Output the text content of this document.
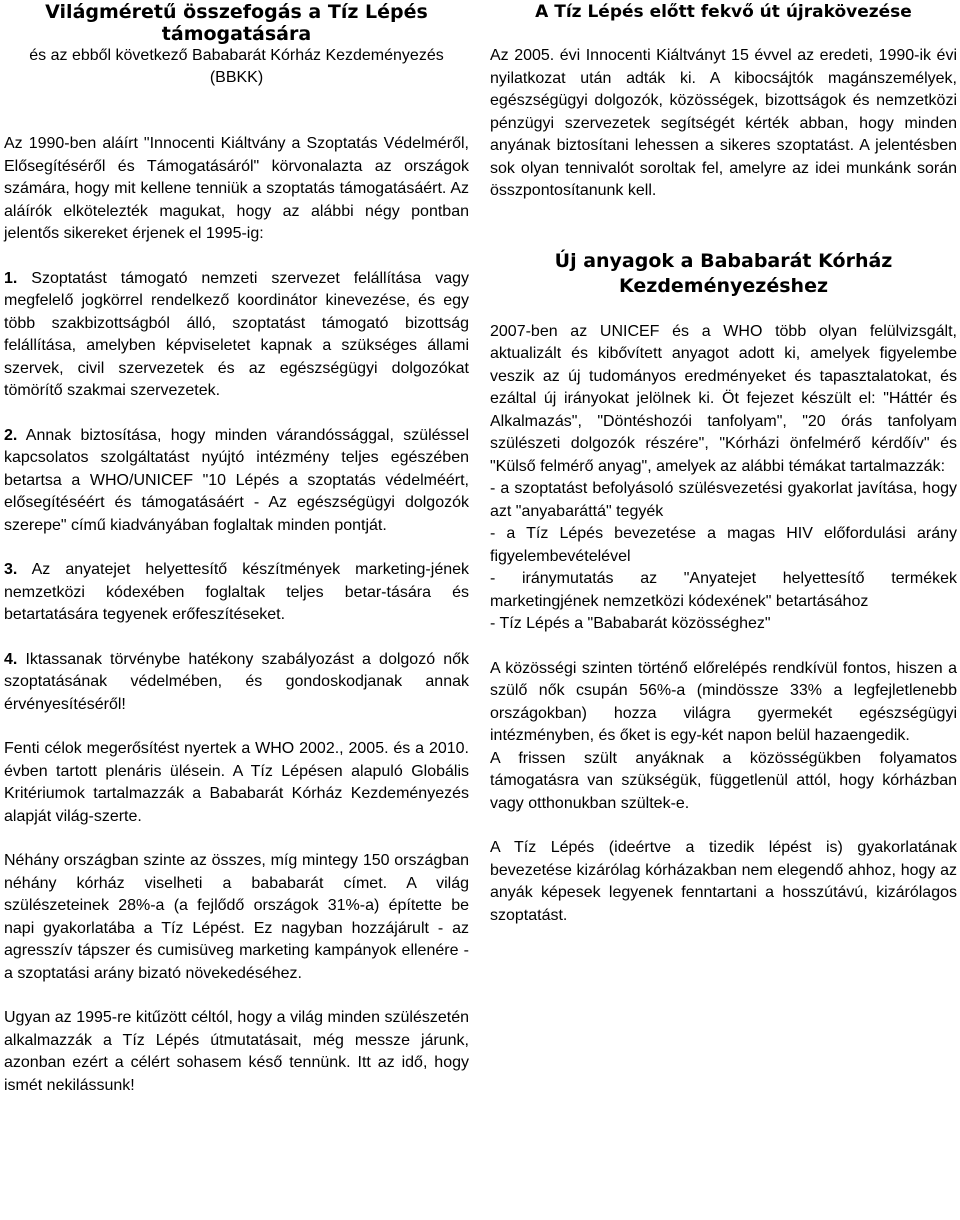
Világméretű összefogás a Tíz Lépés támogatására
és az ebből következő Bababarát Kórház Kezdeményezés (BBKK)

Az 1990-ben aláírt "Innocenti Kiáltvány a Szoptatás Védelméről, Elősegítéséről és Támogatásáról" körvonalazta az országok számára, hogy mit kellene tenniük a szoptatás támogatásáért. Az aláírók elkötelezték magukat, hogy az alábbi négy pontban jelentős sikereket érjenek el 1995-ig:

1. Szoptatást támogató nemzeti szervezet felállítása vagy megfelelő jogkörrel rendelkező koordinátor kinevezése, és egy több szakbizottságból álló, szoptatást támogató bizottság felállítása, amelyben képviseletet kapnak a szükséges állami szervek, civil szervezetek és az egészségügyi dolgozókat tömörítő szakmai szervezetek.

2. Annak biztosítása, hogy minden várandóssággal, szüléssel kapcsolatos szolgáltatást nyújtó intézmény teljes egészében betartsa a WHO/UNICEF "10 Lépés a szoptatás védelméért, elősegítéséért és támogatásáért - Az egészségügyi dolgozók szerepe" című kiadványában foglaltak minden pontját.

3. Az anyatejet helyettesítő készítmények marketing-jének nemzetközi kódexében foglaltak teljes betar-tására és betartatására tegyenek erőfeszítéseket.

4. Iktassanak törvénybe hatékony szabályozást a dolgozó nők szoptatásának védelmében, és gondoskodjanak annak érvényesítéséről!

Fenti célok megerősítést nyertek a WHO 2002., 2005. és a 2010. évben tartott plenáris ülésein. A Tíz Lépésen alapuló Globális Kritériumok tartalmazzák a Bababarát Kórház Kezdeményezés alapját világ-szerte.

Néhány országban szinte az összes, míg mintegy 150 országban néhány kórház viselheti a bababarát címet. A világ szülészeteinek 28%-a (a fejlődő országok 31%-a) építette be napi gyakorlatába a Tíz Lépést. Ez nagyban hozzájárult - az agresszív tápszer és cumisüveg marketing kampányok ellenére - a szoptatási arány bizató növekedéséhez.

Ugyan az 1995-re kitűzött céltól, hogy a világ minden szülészetén alkalmazzák a Tíz Lépés útmutatásait, még messze járunk, azonban ezért a célért sohasem késő tennünk. Itt az idő, hogy ismét nekilássunk!

A Tíz Lépés előtt fekvő út újrakövezése

Az 2005. évi Innocenti Kiáltványt 15 évvel az eredeti, 1990-ik évi nyilatkozat után adták ki. A kibocsájtók magánszemélyek, egészségügyi dolgozók, közösségek, bizottságok és nemzetközi pénzügyi szervezetek segítségét kérték abban, hogy minden anyának biztosítani lehessen a sikeres szoptatást. A jelentésben sok olyan tennivalót soroltak fel, amelyre az idei munkánk során összpontosítanunk kell.

Új anyagok a Bababarát Kórház Kezdeményezéshez

2007-ben az UNICEF és a WHO több olyan felülvizsgált, aktualizált és kibővített anyagot adott ki, amelyek figyelembe veszik az új tudományos eredményeket és tapasztalatokat, és ezáltal új irányokat jelölnek ki. Öt fejezet készült el: "Háttér és Alkalmazás", "Döntéshozói tanfolyam", "20 órás tanfolyam szülészeti dolgozók részére", "Kórházi önfelmérő kérdőív" és "Külső felmérő anyag", amelyek az alábbi témákat tartalmazzák:

- a szoptatást befolyásoló szülésvezetési gyakorlat javítása, hogy azt "anyabaráttá" tegyék

- a Tíz Lépés bevezetése a magas HIV előfordulási arány figyelembevételével

- iránymutatás az "Anyatejet helyettesítő termékek marketingjének nemzetközi kódexének" betartásához

- Tíz Lépés a "Bababarát közösséghez"

A közösségi szinten történő előrelépés rendkívül fontos, hiszen a szülő nők csupán 56%-a (mindössze 33% a legfejletlenebb országokban) hozza világra gyermekét egészségügyi intézményben, és őket is egy-két napon belül hazaengedik.

A frissen szült anyáknak a közösségükben folyamatos támogatásra van szükségük, függetlenül attól, hogy kórházban vagy otthonukban szültek-e.

A Tíz Lépés (ideértve a tizedik lépést is) gyakorlatának bevezetése kizárólag kórházakban nem elegendő ahhoz, hogy az anyák képesek legyenek fenntartani a hosszútávú, kizárólagos szoptatást.
